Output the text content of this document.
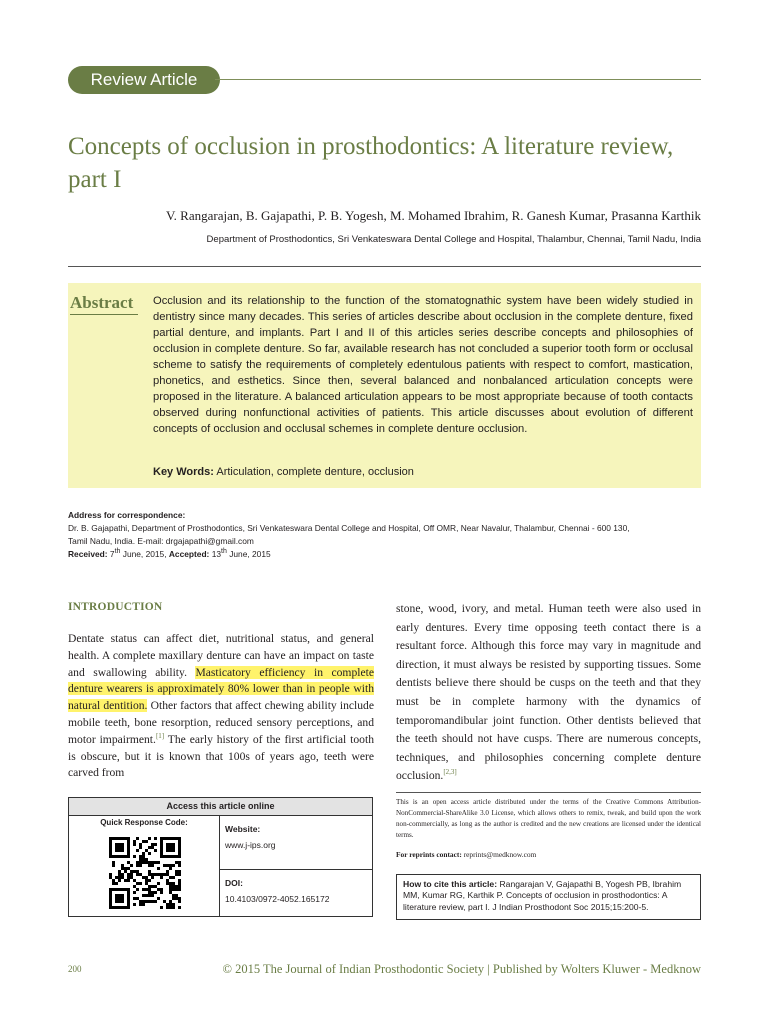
Review Article
Concepts of occlusion in prosthodontics: A literature review, part I
V. Rangarajan, B. Gajapathi, P. B. Yogesh, M. Mohamed Ibrahim, R. Ganesh Kumar, Prasanna Karthik
Department of Prosthodontics, Sri Venkateswara Dental College and Hospital, Thalambur, Chennai, Tamil Nadu, India
Abstract	Occlusion and its relationship to the function of the stomatognathic system have been widely studied in dentistry since many decades. This series of articles describe about occlusion in the complete denture, fixed partial denture, and implants. Part I and II of this articles series describe concepts and philosophies of occlusion in complete denture. So far, available research has not concluded a superior tooth form or occlusal scheme to satisfy the requirements of completely edentulous patients with respect to comfort, mastication, phonetics, and esthetics. Since then, several balanced and nonbalanced articulation concepts were proposed in the literature. A balanced articulation appears to be most appropriate because of tooth contacts observed during nonfunctional activities of patients. This article discusses about evolution of different concepts of occlusion and occlusal schemes in complete denture occlusion.

Key Words: Articulation, complete denture, occlusion

Address for correspondence:

Dr. B. Gajapathi, Department of Prosthodontics, Sri Venkateswara Dental College and Hospital, Off OMR, Near Navalur, Thalambur, Chennai - 600 130,

Tamil Nadu, India. E-mail: drgajapathi@gmail.com

Received: 7th June, 2015, Accepted: 13th June, 2015

INTRODUCTION

Dentate status can affect diet, nutritional status, and general health. A complete maxillary denture can have an impact on taste and swallowing ability. Masticatory efficiency in complete denture wearers is approximately 80% lower than in people with natural dentition. Other factors that affect chewing ability include mobile teeth, bone resorption, reduced sensory perceptions, and motor impairment.[1] The early history of the first artificial tooth is obscure, but it is known that 100s of years ago, teeth were carved from

stone, wood, ivory, and metal. Human teeth were also used in early dentures. Every time opposing teeth contact there is a resultant force. Although this force may vary in magnitude and direction, it must always be resisted by supporting tissues. Some dentists believe there should be cusps on the teeth and that they must be in complete harmony with the dynamics of temporomandibular joint function. Other dentists believed that the teeth should not have cusps. There are numerous concepts, techniques, and philosophies concerning complete denture occlusion.[2,3]

Access this article online
Quick Response Code:
Website:
www.j-ips.org
DOI:
10.4103/0972-4052.165172

This is an open access article distributed under the terms of the Creative Commons Attribution-NonCommercial-ShareAlike 3.0 License, which allows others to remix, tweak, and build upon the work non-commercially, as long as the author is credited and the new creations are licensed under the identical terms.

For reprints contact: reprints@medknow.com
How to cite this article: Rangarajan V, Gajapathi B, Yogesh PB, Ibrahim MM, Kumar RG, Karthik P. Concepts of occlusion in prosthodontics: A literature review, part I. J Indian Prosthodont Soc 2015;15:200-5.
200	© 2015 The Journal of Indian Prosthodontic Society | Published by Wolters Kluwer - Medknow
